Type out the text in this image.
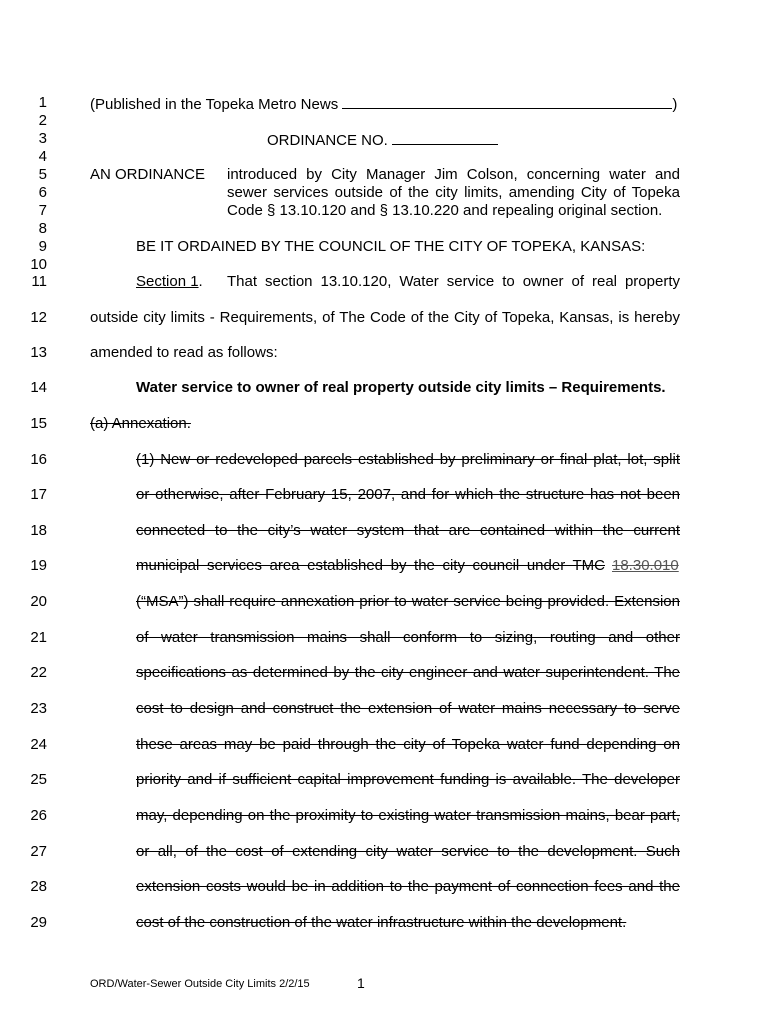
1
2
3
4
5
6
7
8
9
10
11
12
13
14
15
16
17
18
19
20
21
22
23
24
25
26
27
28
29
(Published in the Topeka Metro News	)
ORDINANCE NO.
AN ORDINANCE introduced by City Manager Jim Colson, concerning water and
sewer services outside of the city limits, amending City of Topeka
Code § 13.10.120 and § 13.10.220 and repealing original section.
BE IT ORDAINED BY THE COUNCIL OF THE CITY OF TOPEKA, KANSAS:
Section 1. That section 13.10.120, Water service to owner of real property
outside city limits - Requirements, of The Code of the City of Topeka, Kansas, is hereby
amended to read as follows:
Water service to owner of real property outside city limits – Requirements.
(a) Annexation.
(1) New or redeveloped parcels established by preliminary or final plat, lot, split
or otherwise, after February 15, 2007, and for which the structure has not been
connected to the city’s water system that are contained within the current
municipal services area established by the city council under TMC 18.30.010
(“MSA”) shall require annexation prior to water service being provided. Extension
of water transmission mains shall conform to sizing, routing and other
specifications as determined by the city engineer and water superintendent. The
cost to design and construct the extension of water mains necessary to serve
these areas may be paid through the city of Topeka water fund depending on
priority and if sufficient capital improvement funding is available. The developer
may, depending on the proximity to existing water transmission mains, bear part,
or all, of the cost of extending city water service to the development. Such
extension costs would be in addition to the payment of connection fees and the
cost of the construction of the water infrastructure within the development.
ORD/Water-Sewer Outside City Limits 2/2/15	1
